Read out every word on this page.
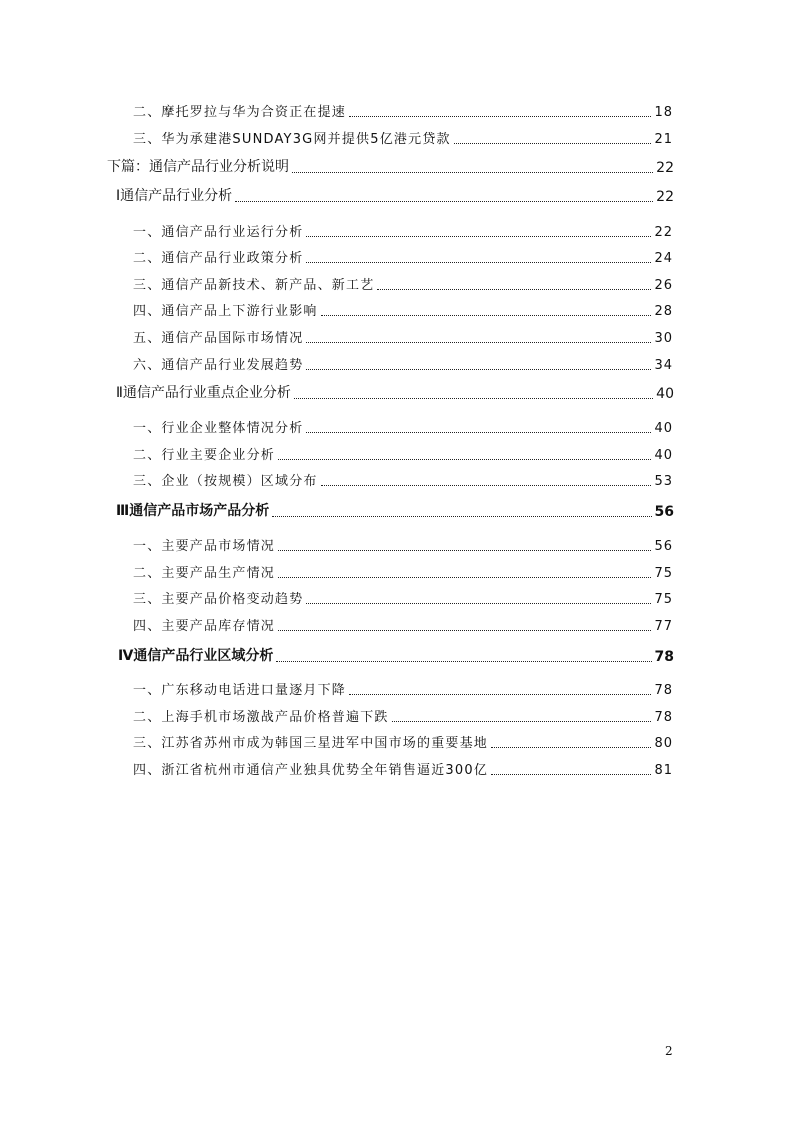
二、摩托罗拉与华为合资正在提速	18
三、华为承建港SUNDAY3G网并提供5亿港元贷款	21
下篇：通信产品行业分析说明	22
Ⅰ通信产品行业分析	22
一、通信产品行业运行分析	22
二、通信产品行业政策分析	24
三、通信产品新技术、新产品、新工艺	26
四、通信产品上下游行业影响	28
五、通信产品国际市场情况	30
六、通信产品行业发展趋势	34
Ⅱ通信产品行业重点企业分析	40
一、行业企业整体情况分析	40
二、行业主要企业分析	40
三、企业（按规模）区域分布	53
Ⅲ通信产品市场产品分析	56
一、主要产品市场情况	56
二、主要产品生产情况	75
三、主要产品价格变动趋势	75
四、主要产品库存情况	77
Ⅳ通信产品行业区域分析	78
一、广东移动电话进口量逐月下降	78
二、上海手机市场激战产品价格普遍下跌	78
三、江苏省苏州市成为韩国三星进军中国市场的重要基地	80
四、浙江省杭州市通信产业独具优势全年销售逼近300亿	81
2
